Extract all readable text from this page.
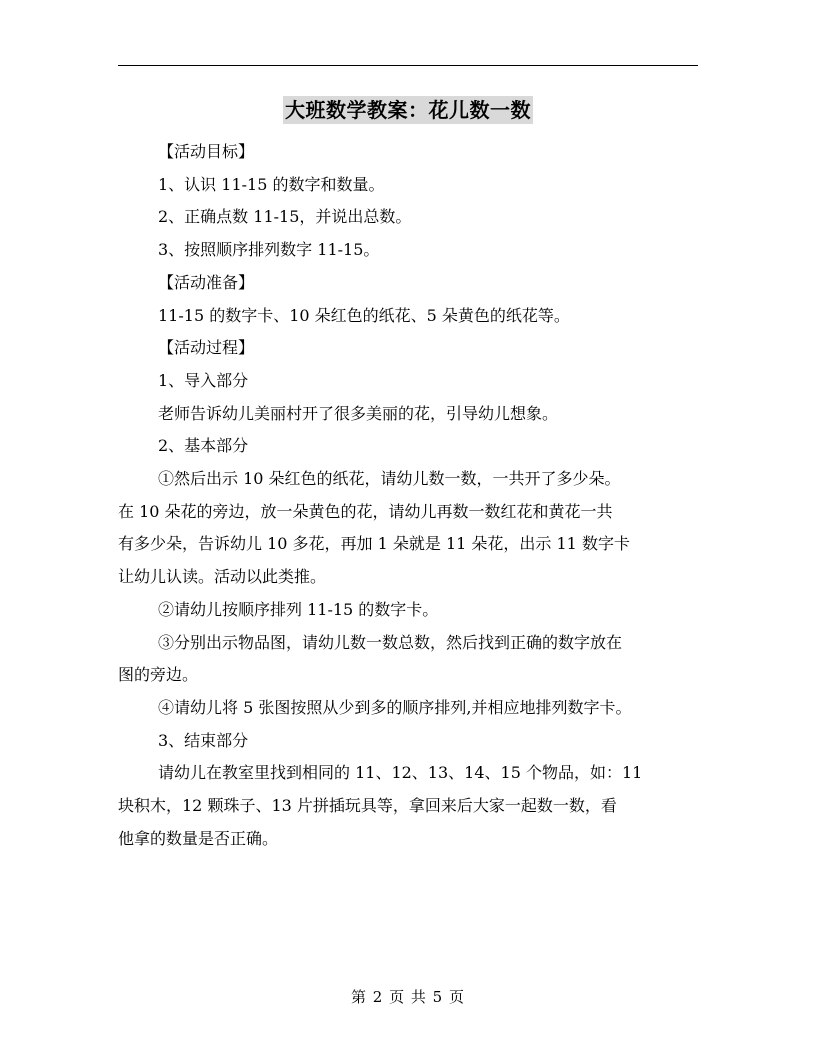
大班数学教案：花儿数一数

【活动目标】

1、认识 11-15 的数字和数量。

2、正确点数 11-15，并说出总数。

3、按照顺序排列数字 11-15。

【活动准备】

11-15 的数字卡、10 朵红色的纸花、5 朵黄色的纸花等。

【活动过程】

1、导入部分

老师告诉幼儿美丽村开了很多美丽的花，引导幼儿想象。

2、基本部分

①然后出示 10 朵红色的纸花，请幼儿数一数，一共开了多少朵。

在 10 朵花的旁边，放一朵黄色的花，请幼儿再数一数红花和黄花一共

有多少朵，告诉幼儿 10 多花，再加 1 朵就是 11 朵花，出示 11 数字卡

让幼儿认读。活动以此类推。

②请幼儿按顺序排列 11-15 的数字卡。

③分别出示物品图，请幼儿数一数总数，然后找到正确的数字放在

图的旁边。

④请幼儿将 5 张图按照从少到多的顺序排列,并相应地排列数字卡。

3、结束部分

请幼儿在教室里找到相同的 11、12、13、14、15 个物品，如：11

块积木，12 颗珠子、13 片拼插玩具等，拿回来后大家一起数一数，看

他拿的数量是否正确。

第 2 页 共 5 页
